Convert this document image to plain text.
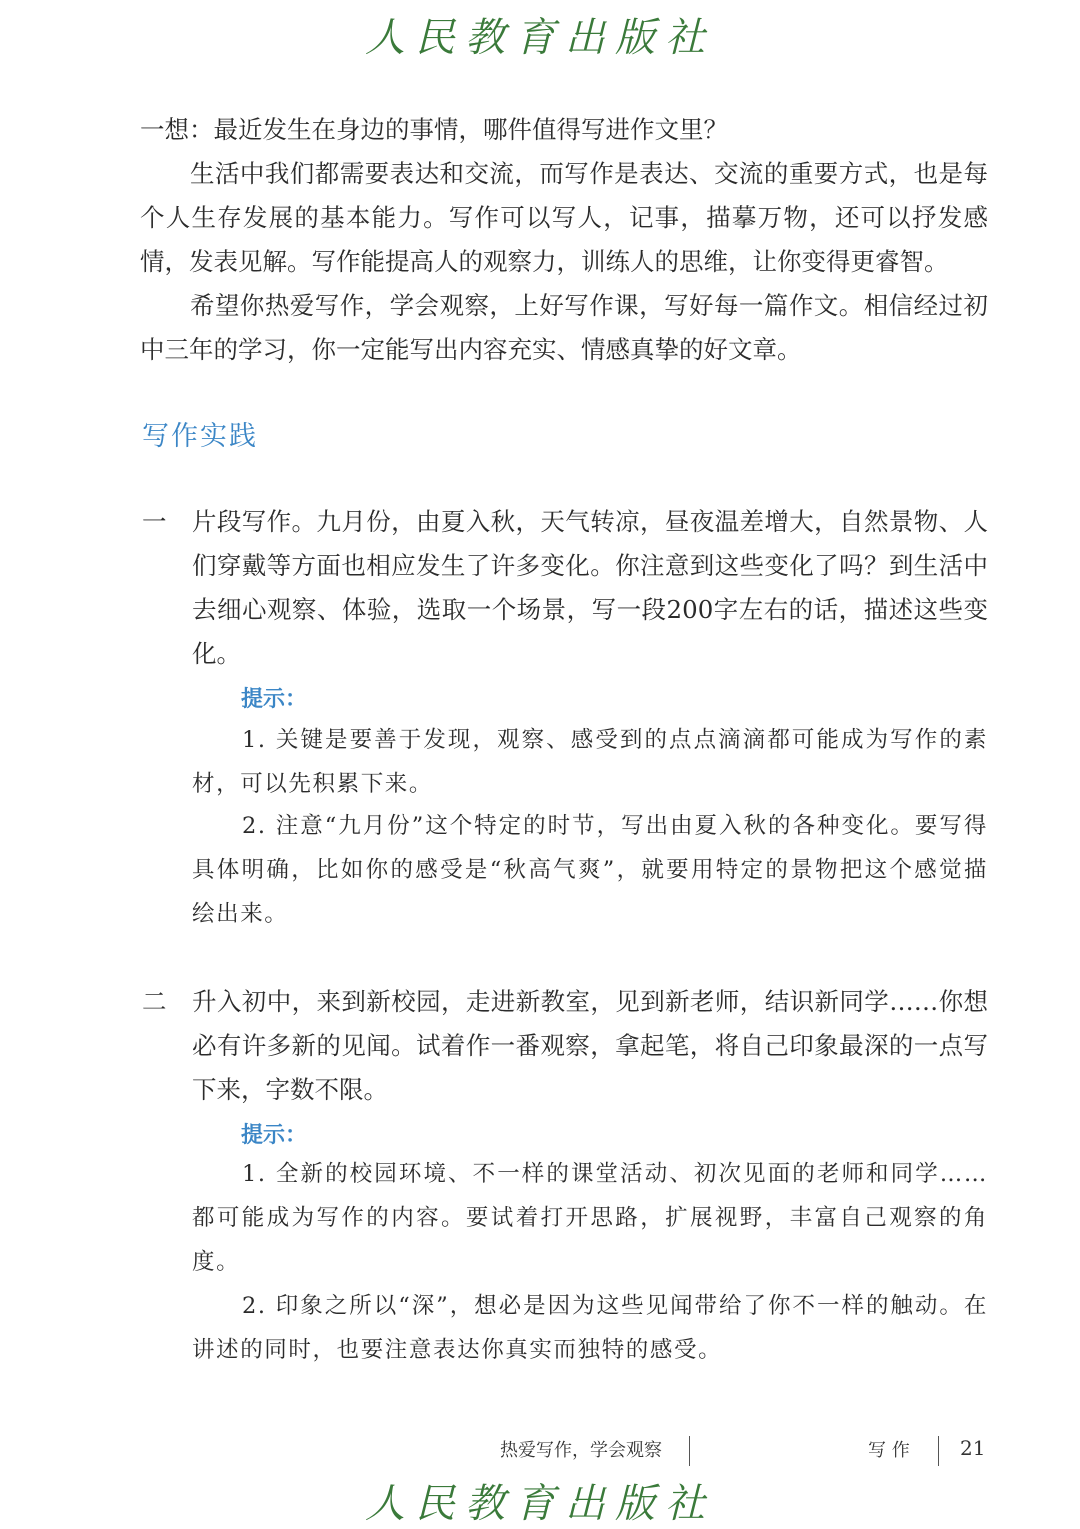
人民教育出版社
一想：最近发生在身边的事情，哪件值得写进作文里？
生活中我们都需要表达和交流，而写作是表达、交流的重要方式，也是每个人生存发展的基本能力。写作可以写人，记事，描摹万物，还可以抒发感情，发表见解。写作能提高人的观察力，训练人的思维，让你变得更睿智。
希望你热爱写作，学会观察，上好写作课，写好每一篇作文。相信经过初中三年的学习，你一定能写出内容充实、情感真挚的好文章。
写作实践
一 片段写作。九月份，由夏入秋，天气转凉，昼夜温差增大，自然景物、人们穿戴等方面也相应发生了许多变化。你注意到这些变化了吗？到生活中去细心观察、体验，选取一个场景，写一段200字左右的话，描述这些变化。
提示：
1. 关键是要善于发现，观察、感受到的点点滴滴都可能成为写作的素材，可以先积累下来。
2. 注意“九月份”这个特定的时节，写出由夏入秋的各种变化。要写得具体明确，比如你的感受是“秋高气爽”，就要用特定的景物把这个感觉描绘出来。
二 升入初中，来到新校园，走进新教室，见到新老师，结识新同学……你想必有许多新的见闻。试着作一番观察，拿起笔，将自己印象最深的一点写下来，字数不限。
提示：
1. 全新的校园环境、不一样的课堂活动、初次见面的老师和同学……都可能成为写作的内容。要试着打开思路，扩展视野，丰富自己观察的角度。
2. 印象之所以“深”，想必是因为这些见闻带给了你不一样的触动。在讲述的同时，也要注意表达你真实而独特的感受。
热爱写作，学会观察	写 作	21
人民教育出版社
